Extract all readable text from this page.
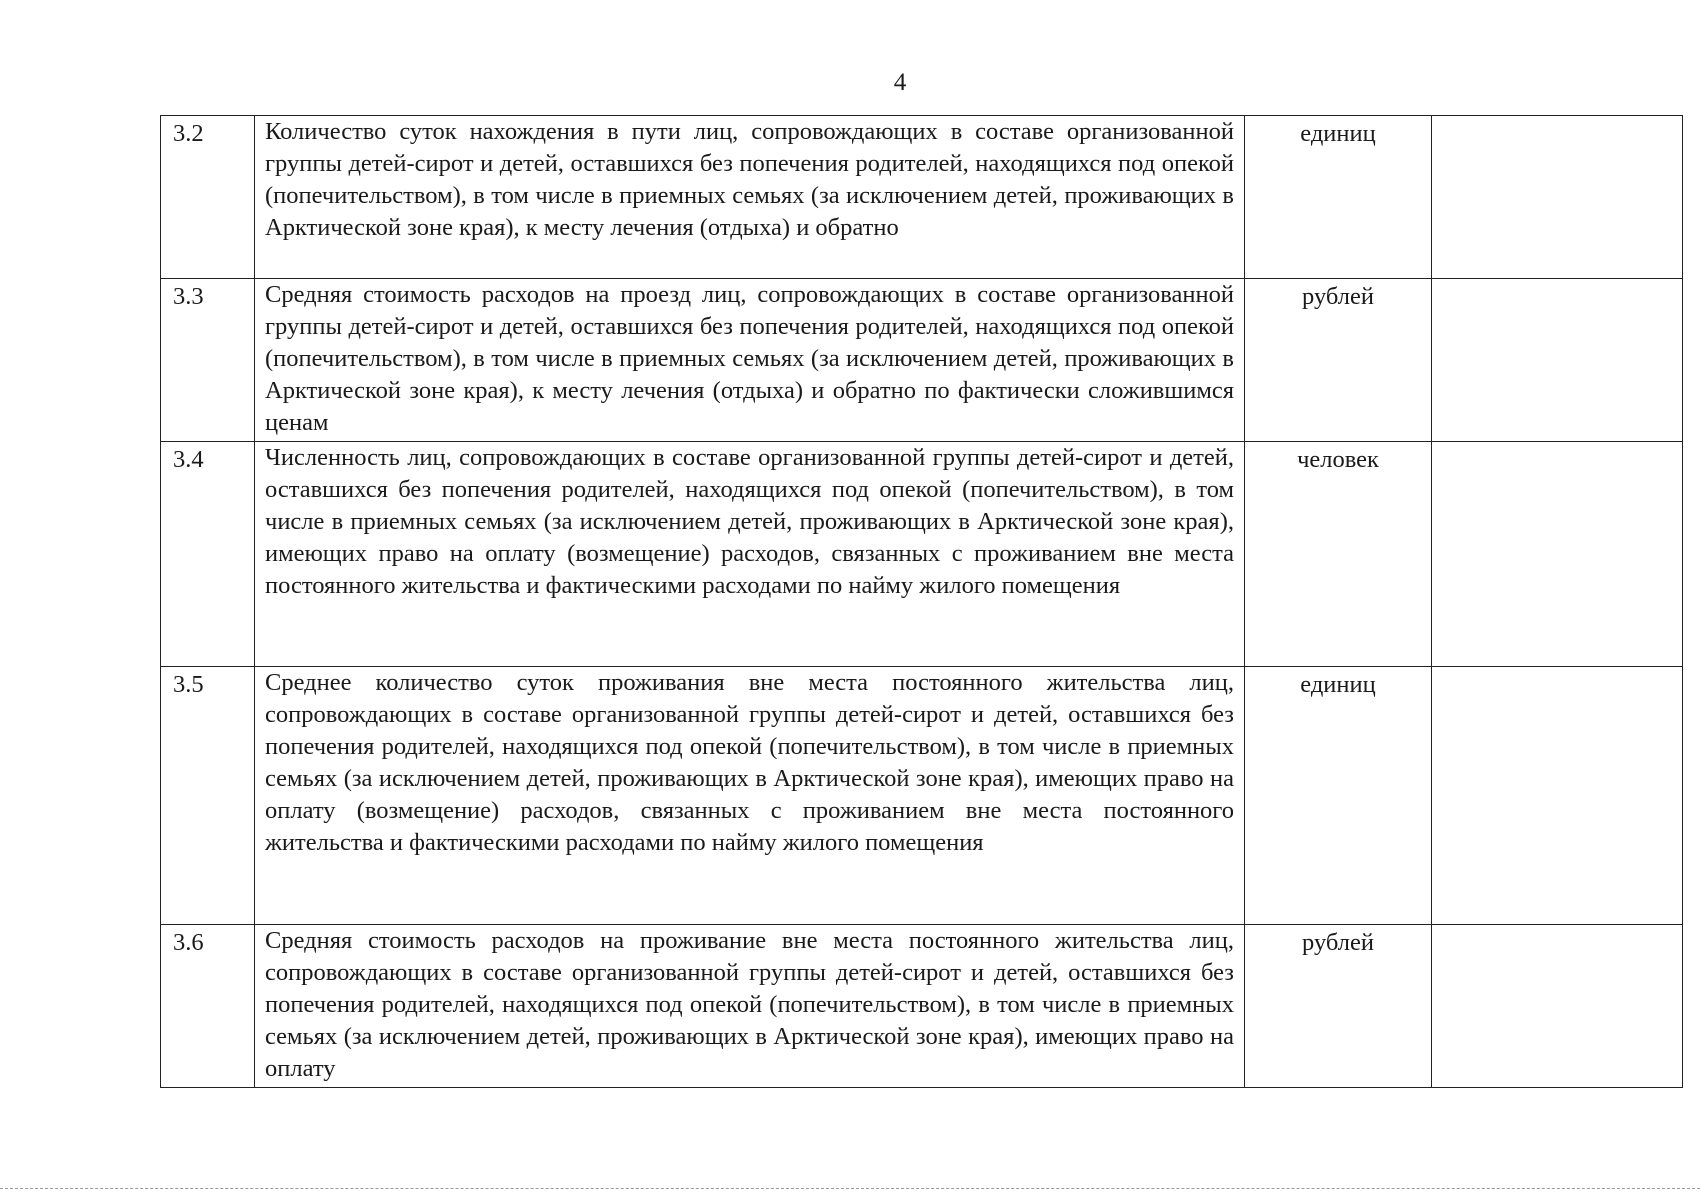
4
3.2	Количество суток нахождения в пути лиц, сопровождающих в составе организованной группы детей-сирот и детей, оставшихся без попечения родителей, находящихся под опекой (попечительством), в том числе в приемных семьях (за исключением детей, проживающих в Арктической зоне края), к месту лечения (отдыха) и обратно	единиц	
3.3	Средняя стоимость расходов на проезд лиц, сопровождающих в составе организованной группы детей-сирот и детей, оставшихся без попечения родителей, находящихся под опекой (попечительством), в том числе в приемных семьях (за исключением детей, проживающих в Арктической зоне края), к месту лечения (отдыха) и обратно по фактически сложившимся ценам	рублей	
3.4	Численность лиц, сопровождающих в составе организованной группы детей-сирот и детей, оставшихся без попечения родителей, находящихся под опекой (попечительством), в том числе в приемных семьях (за исключением детей, проживающих в Арктической зоне края), имеющих право на оплату (возмещение) расходов, связанных с проживанием вне места постоянного жительства и фактическими расходами по найму жилого помещения	человек	
3.5	Среднее количество суток проживания вне места постоянного жительства лиц, сопровождающих в составе организованной группы детей-сирот и детей, оставшихся без попечения родителей, находящихся под опекой (попечительством), в том числе в приемных семьях (за исключением детей, проживающих в Арктической зоне края), имеющих право на оплату (возмещение) расходов, связанных с проживанием вне места постоянного жительства и фактическими расходами по найму жилого помещения	единиц	
3.6	Средняя стоимость расходов на проживание вне места постоянного жительства лиц, сопровождающих в составе организованной группы детей-сирот и детей, оставшихся без попечения родителей, находящихся под опекой (попечительством), в том числе в приемных семьях (за исключением детей, проживающих в Арктической зоне края), имеющих право на оплату	рублей	
